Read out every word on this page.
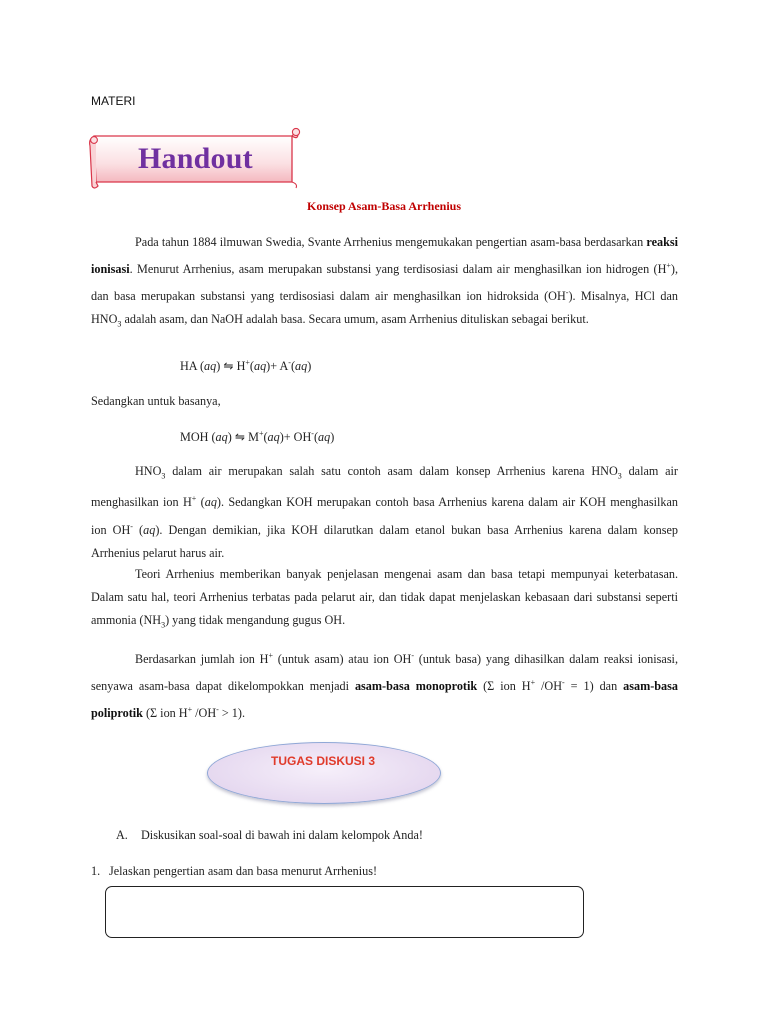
MATERI
Handout
Konsep Asam-Basa Arrhenius

Pada tahun 1884 ilmuwan Swedia, Svante Arrhenius mengemukakan pengertian asam-basa berdasarkan reaksi ionisasi. Menurut Arrhenius, asam merupakan substansi yang terdisosiasi dalam air menghasilkan ion hidrogen (H+), dan basa merupakan substansi yang terdisosiasi dalam air menghasilkan ion hidroksida (OH-). Misalnya, HCl dan $HNO_3$ adalah asam, dan NaOH adalah basa. Secara umum, asam Arrhenius dituliskan sebagai berikut.

HA (aq) ⇋ H+(aq)+ A-(aq)
Sedangkan untuk basanya,
MOH (aq) ⇋ M+(aq)+ OH-(aq)

$HNO_3$ dalam air merupakan salah satu contoh asam dalam konsep Arrhenius karena $HNO_3$ dalam air menghasilkan ion H+ (aq). Sedangkan KOH merupakan contoh basa Arrhenius karena dalam air KOH menghasilkan ion OH- (aq). Dengan demikian, jika KOH dilarutkan dalam etanol bukan basa Arrhenius karena dalam konsep Arrhenius pelarut harus air.

Teori Arrhenius memberikan banyak penjelasan mengenai asam dan basa tetapi mempunyai keterbatasan. Dalam satu hal, teori Arrhenius terbatas pada pelarut air, dan tidak dapat menjelaskan kebasaan dari substansi seperti ammonia $(NH_3)$ yang tidak mengandung gugus OH.

Berdasarkan jumlah ion H+ (untuk asam) atau ion OH- (untuk basa) yang dihasilkan dalam reaksi ionisasi, senyawa asam-basa dapat dikelompokkan menjadi asam-basa monoprotik (Σ ion H+ /OH- = 1) dan asam-basa poliprotik (Σ ion H+ /OH- > 1).

TUGAS DISKUSI 3
A. Diskusikan soal-soal di bawah ini dalam kelompok Anda!
1. Jelaskan pengertian asam dan basa menurut Arrhenius!
